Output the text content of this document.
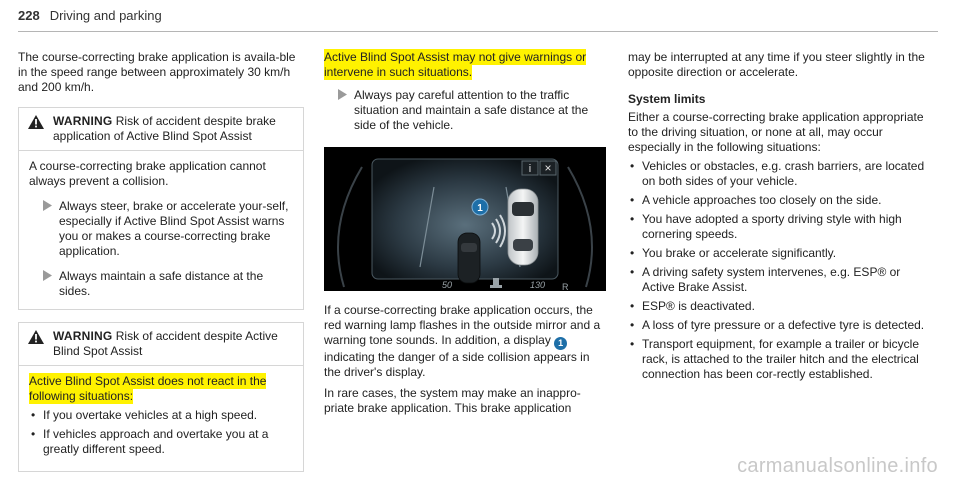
228 Driving and parking

The course-correcting brake application is availa-ble in the speed range between approximately 30 km/h and 200 km/h.

WARNING Risk of accident despite brake application of Active Blind Spot Assist

A course-correcting brake application cannot always prevent a collision.

Always steer, brake or accelerate your-self, especially if Active Blind Spot Assist warns you or makes a course-correcting brake application.
Always maintain a safe distance at the sides.
WARNING Risk of accident despite Active Blind Spot Assist

Active Blind Spot Assist does not react in the following situations:

• If you overtake vehicles at a high speed.
• If vehicles approach and overtake you at a greatly different speed.

Active Blind Spot Assist may not give warnings or intervene in such situations.

Always pay careful attention to the traffic situation and maintain a safe distance at the side of the vehicle.
i ×
1
50	130 R

If a course-correcting brake application occurs, the red warning lamp flashes in the outside mirror and a warning tone sounds. In addition, a display 1 indicating the danger of a side collision appears in the driver's display.

In rare cases, the system may make an inappro-priate brake application. This brake application

may be interrupted at any time if you steer slightly in the opposite direction or accelerate.

System limits

Either a course-correcting brake application appropriate to the driving situation, or none at all, may occur especially in the following situations:

• Vehicles or obstacles, e.g. crash barriers, are located on both sides of your vehicle.
• A vehicle approaches too closely on the side.
• You have adopted a sporty driving style with high cornering speeds.
• You brake or accelerate significantly.
• A driving safety system intervenes, e.g. ESP® or Active Brake Assist.
• ESP® is deactivated.
• A loss of tyre pressure or a defective tyre is detected.
• Transport equipment, for example a trailer or bicycle rack, is attached to the trailer hitch and the electrical connection has been cor-rectly established.
carmanualsonline.info
